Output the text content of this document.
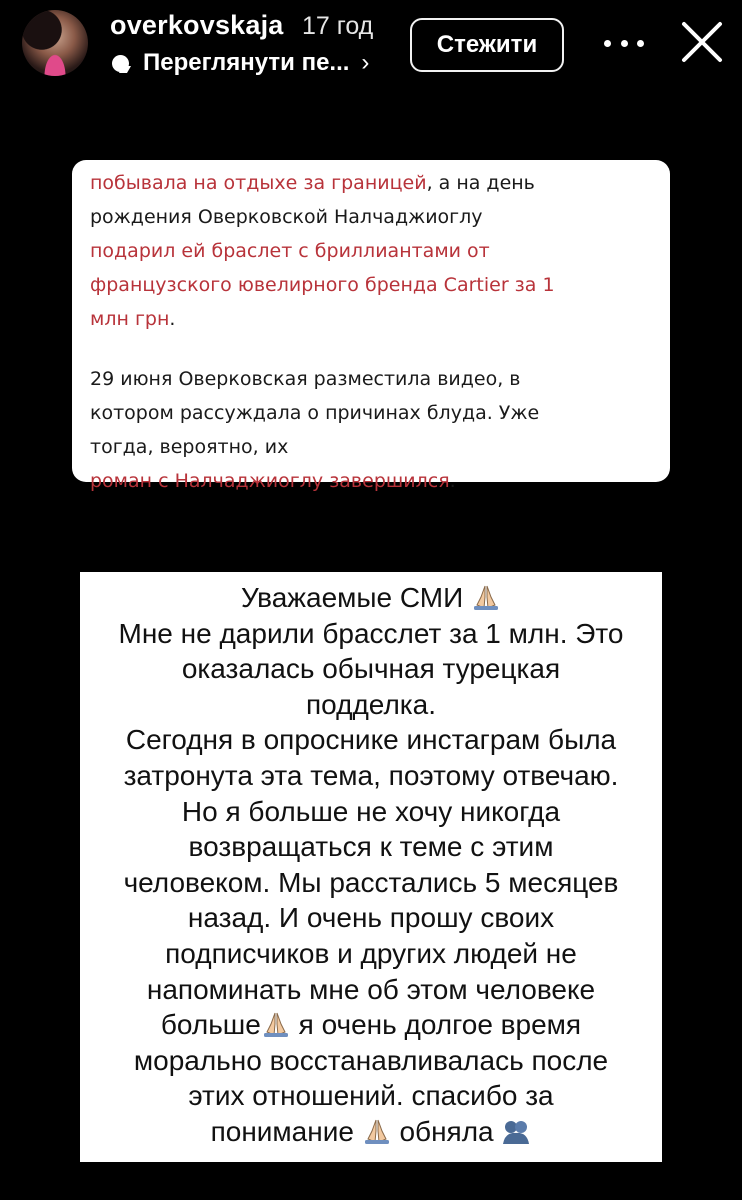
overkovskaja 17 год
Переглянути пе... ›
Стежити

побывала на отдыхе за границей, а на день
рождения Оверковской Налчаджиоглу
подарил ей браслет с бриллиантами от
французского ювелирного бренда Cartier за 1
млн грн.

29 июня Оверковская разместила видео, в
котором рассуждала о причинах блуда. Уже
тогда, вероятно, их
роман с Налчаджиоглу завершился.

Уважаемые СМИ
Мне не дарили брасслет за 1 млн. Это
оказалась обычная турецкая
подделка.
Сегодня в опроснике инстаграм была
затронута эта тема, поэтому отвечаю.
Но я больше не хочу никогда
возвращаться к теме с этим
человеком. Мы расстались 5 месяцев
назад. И очень прошу своих
подписчиков и других людей не
напоминать мне об этом человеке
больше я очень долгое время
морально восстанавливалась после
этих отношений. спасибо за
понимание  обняла
